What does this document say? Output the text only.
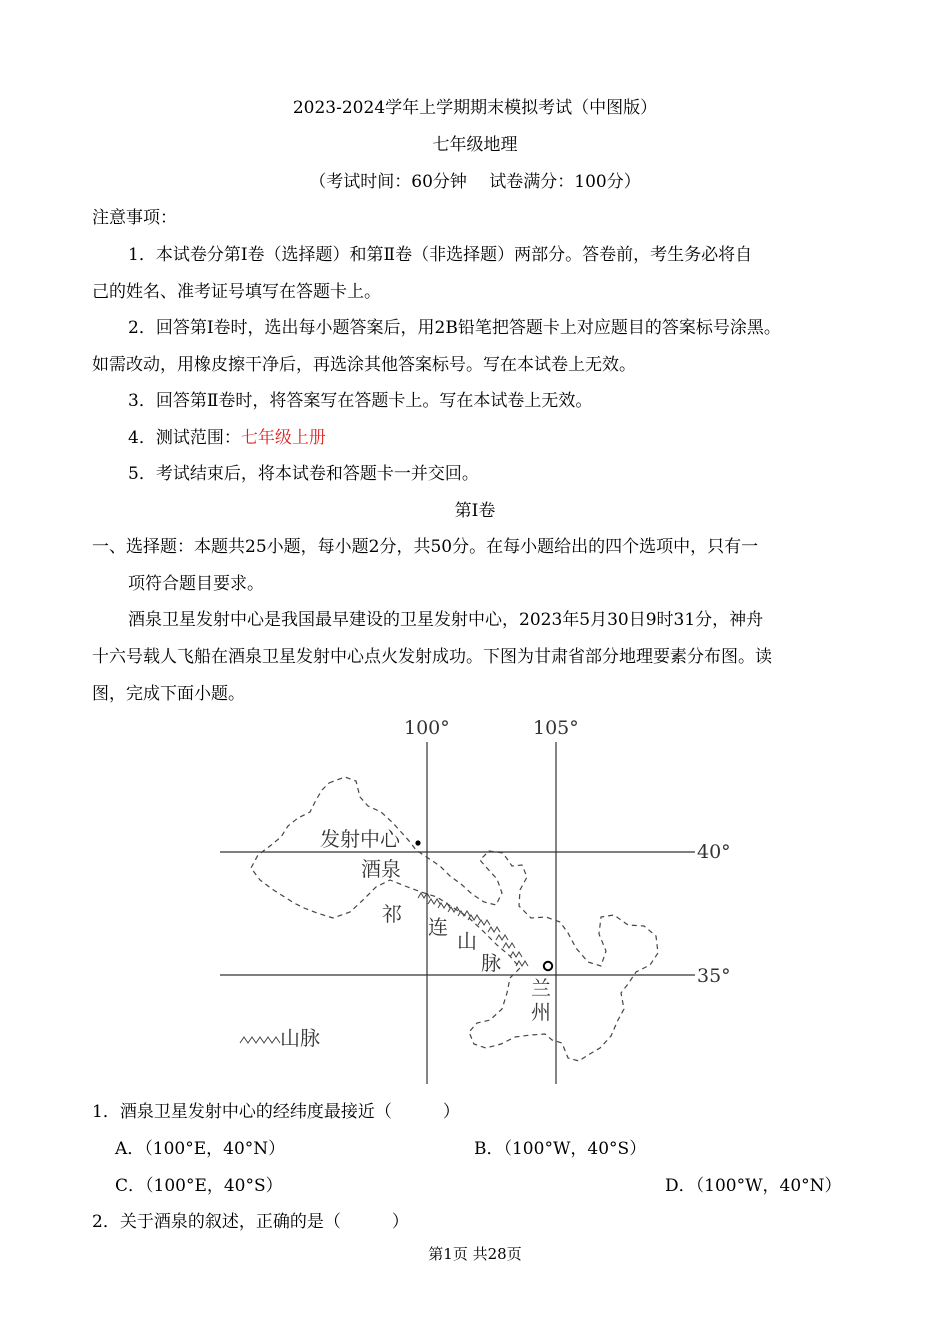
2023-2024学年上学期期末模拟考试（中图版）
七年级地理
（考试时间：60分钟　 试卷满分：100分）
注意事项：
1．本试卷分第Ⅰ卷（选择题）和第Ⅱ卷（非选择题）两部分。答卷前，考生务必将自
己的姓名、准考证号填写在答题卡上。
2．回答第Ⅰ卷时，选出每小题答案后，用2B铅笔把答题卡上对应题目的答案标号涂黑。
如需改动，用橡皮擦干净后，再选涂其他答案标号。写在本试卷上无效。
3．回答第Ⅱ卷时，将答案写在答题卡上。写在本试卷上无效。
4．测试范围：七年级上册
5．考试结束后，将本试卷和答题卡一并交回。
第Ⅰ卷
一、选择题：本题共25小题，每小题2分，共50分。在每小题给出的四个选项中，只有一
项符合题目要求。
酒泉卫星发射中心是我国最早建设的卫星发射中心，2023年5月30日9时31分，神舟
十六号载人飞船在酒泉卫星发射中心点火发射成功。下图为甘肃省部分地理要素分布图。读
图，完成下面小题。
100°	105°
40°
35°
发射中心
酒泉
祁
连
山
脉
兰
州
山脉
1．酒泉卫星发射中心的经纬度最接近（　　　）
A．（100°E，40°N）	B．（100°W，40°S）
C．（100°E，40°S）	D．（100°W，40°N）
2．关于酒泉的叙述，正确的是（　　　）
第1页 共28页
